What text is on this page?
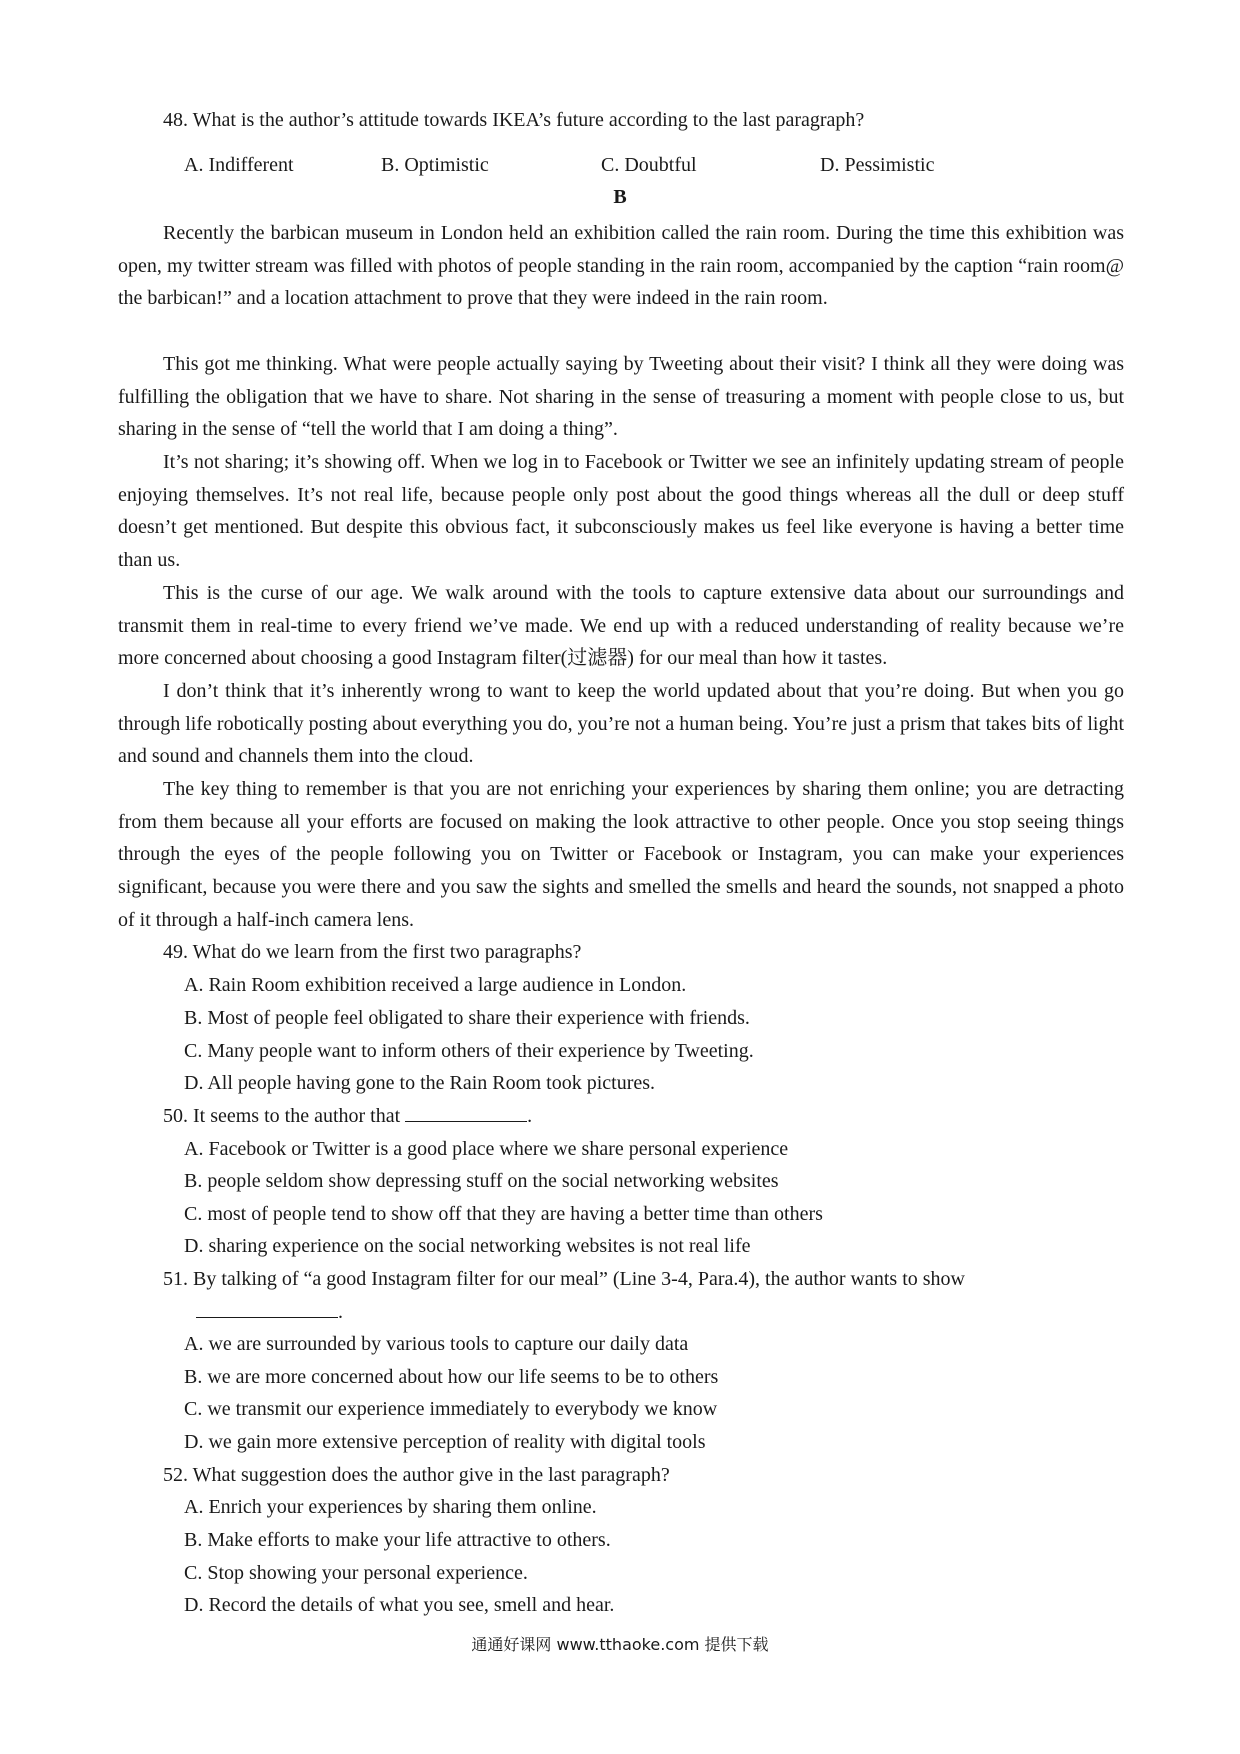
48. What is the author’s attitude towards IKEA’s future according to the last paragraph?
A. Indifferent	B. Optimistic	C. Doubtful	D. Pessimistic
B
Recently the barbican museum in London held an exhibition called the rain room. During the time this exhibition was open, my twitter stream was filled with photos of people standing in the rain room, accompanied by the caption “rain room@ the barbican!” and a location attachment to prove that they were indeed in the rain room.
This got me thinking. What were people actually saying by Tweeting about their visit? I think all they were doing was fulfilling the obligation that we have to share. Not sharing in the sense of treasuring a moment with people close to us, but sharing in the sense of “tell the world that I am doing a thing”.
It’s not sharing; it’s showing off. When we log in to Facebook or Twitter we see an infinitely updating stream of people enjoying themselves. It’s not real life, because people only post about the good things whereas all the dull or deep stuff doesn’t get mentioned. But despite this obvious fact, it subconsciously makes us feel like everyone is having a better time than us.
This is the curse of our age. We walk around with the tools to capture extensive data about our surroundings and transmit them in real-time to every friend we’ve made. We end up with a reduced understanding of reality because we’re more concerned about choosing a good Instagram filter(过滤器) for our meal than how it tastes.
I don’t think that it’s inherently wrong to want to keep the world updated about that you’re doing. But when you go through life robotically posting about everything you do, you’re not a human being. You’re just a prism that takes bits of light and sound and channels them into the cloud.
The key thing to remember is that you are not enriching your experiences by sharing them online; you are detracting from them because all your efforts are focused on making the look attractive to other people. Once you stop seeing things through the eyes of the people following you on Twitter or Facebook or Instagram, you can make your experiences significant, because you were there and you saw the sights and smelled the smells and heard the sounds, not snapped a photo of it through a half-inch camera lens.
49. What do we learn from the first two paragraphs?
A. Rain Room exhibition received a large audience in London.
B. Most of people feel obligated to share their experience with friends.
C. Many people want to inform others of their experience by Tweeting.
D. All people having gone to the Rain Room took pictures.
50. It seems to the author that	.
A. Facebook or Twitter is a good place where we share personal experience
B. people seldom show depressing stuff on the social networking websites
C. most of people tend to show off that they are having a better time than others
D. sharing experience on the social networking websites is not real life
51. By talking of “a good Instagram filter for our meal” (Line 3-4, Para.4), the author wants to show
.
A. we are surrounded by various tools to capture our daily data
B. we are more concerned about how our life seems to be to others
C. we transmit our experience immediately to everybody we know
D. we gain more extensive perception of reality with digital tools
52. What suggestion does the author give in the last paragraph?
A. Enrich your experiences by sharing them online.
B. Make efforts to make your life attractive to others.
C. Stop showing your personal experience.
D. Record the details of what you see, smell and hear.
通通好课网 www.tthaoke.com 提供下载
